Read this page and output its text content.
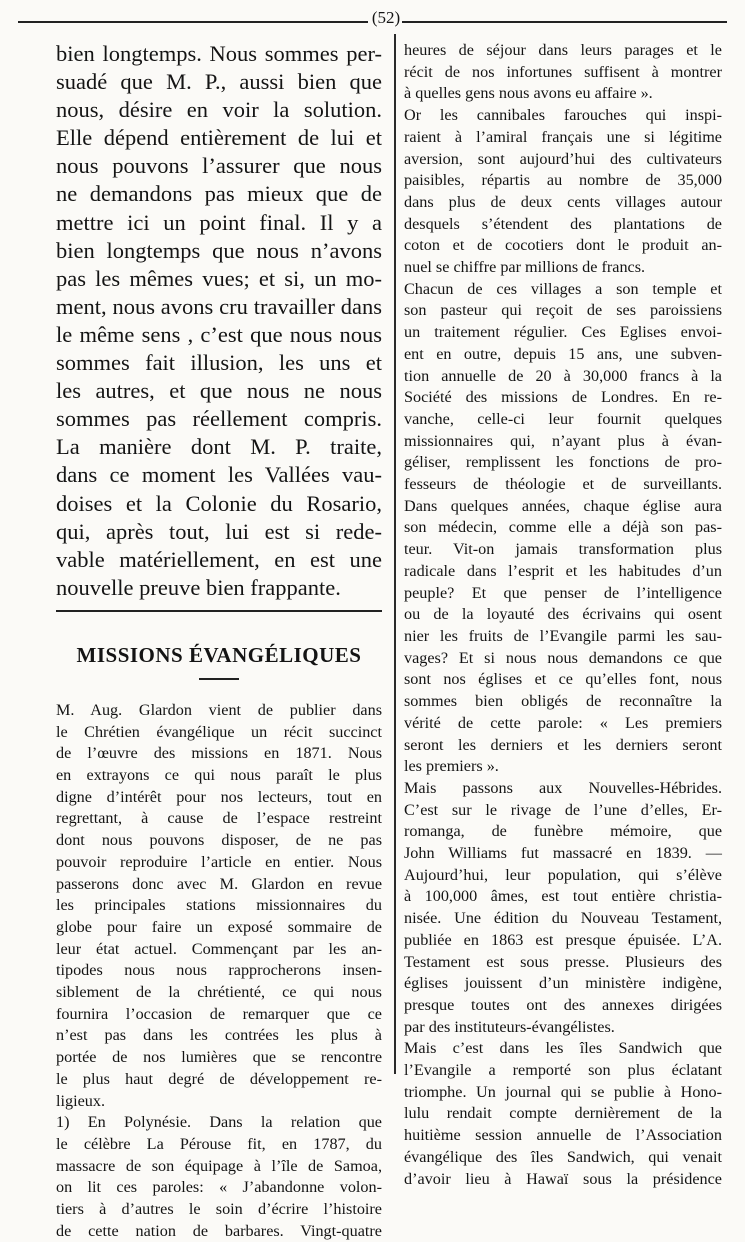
(52)

bien longtemps. Nous sommes per-
suadé que M. P., aussi bien que
nous, désire en voir la solution.
Elle dépend entièrement de lui et
nous pouvons l’assurer que nous
ne demandons pas mieux que de
mettre ici un point final. Il y a
bien longtemps que nous n’avons
pas les mêmes vues; et si, un mo-
ment, nous avons cru travailler dans
le même sens , c’est que nous nous
sommes fait illusion, les uns et
les autres, et que nous ne nous
sommes pas réellement compris.
La manière dont M. P. traite,
dans ce moment les Vallées vau-
doises et la Colonie du Rosario,
qui, après tout, lui est si rede-
vable matériellement, en est une
nouvelle preuve bien frappante.

MISSIONS ÉVANGÉLIQUES
M. Aug. Glardon vient de publier dans
le Chrétien évangélique un récit succinct
de l’œuvre des missions en 1871. Nous
en extrayons ce qui nous paraît le plus
digne d’intérêt pour nos lecteurs, tout en
regrettant, à cause de l’espace restreint
dont nous pouvons disposer, de ne pas
pouvoir reproduire l’article en entier. Nous
passerons donc avec M. Glardon en revue
les principales stations missionnaires du
globe pour faire un exposé sommaire de
leur état actuel. Commençant par les an-
tipodes nous nous rapprocherons insen-
siblement de la chrétienté, ce qui nous
fournira l’occasion de remarquer que ce
n’est pas dans les contrées les plus à
portée de nos lumières que se rencontre
le plus haut degré de développement re-
ligieux.
1) En Polynésie. Dans la relation que
le célèbre La Pérouse fit, en 1787, du
massacre de son équipage à l’île de Samoa,
on lit ces paroles: « J’abandonne volon-
tiers à d’autres le soin d’écrire l’histoire
de cette nation de barbares. Vingt-quatre
heures de séjour dans leurs parages et le
récit de nos infortunes suffisent à montrer
à quelles gens nous avons eu affaire ».
Or les cannibales farouches qui inspi-
raient à l’amiral français une si légitime
aversion, sont aujourd’hui des cultivateurs
paisibles, répartis au nombre de 35,000
dans plus de deux cents villages autour
desquels s’étendent des plantations de
coton et de cocotiers dont le produit an-
nuel se chiffre par millions de francs.
Chacun de ces villages a son temple et
son pasteur qui reçoit de ses paroissiens
un traitement régulier. Ces Eglises envoi-
ent en outre, depuis 15 ans, une subven-
tion annuelle de 20 à 30,000 francs à la
Société des missions de Londres. En re-
vanche, celle-ci leur fournit quelques
missionnaires qui, n’ayant plus à évan-
géliser, remplissent les fonctions de pro-
fesseurs de théologie et de surveillants.
Dans quelques années, chaque église aura
son médecin, comme elle a déjà son pas-
teur. Vit-on jamais transformation plus
radicale dans l’esprit et les habitudes d’un
peuple? Et que penser de l’intelligence
ou de la loyauté des écrivains qui osent
nier les fruits de l’Evangile parmi les sau-
vages? Et si nous nous demandons ce que
sont nos églises et ce qu’elles font, nous
sommes bien obligés de reconnaître la
vérité de cette parole: « Les premiers
seront les derniers et les derniers seront
les premiers ».
Mais passons aux Nouvelles-Hébrides.
C’est sur le rivage de l’une d’elles, Er-
romanga, de funèbre mémoire, que
John Williams fut massacré en 1839. —
Aujourd’hui, leur population, qui s’élève
à 100,000 âmes, est tout entière christia-
nisée. Une édition du Nouveau Testament,
publiée en 1863 est presque épuisée. L’A.
Testament est sous presse. Plusieurs des
églises jouissent d’un ministère indigène,
presque toutes ont des annexes dirigées
par des instituteurs-évangélistes.
Mais c’est dans les îles Sandwich que
l’Evangile a remporté son plus éclatant
triomphe. Un journal qui se publie à Hono-
lulu rendait compte dernièrement de la
huitième session annuelle de l’Association
évangélique des îles Sandwich, qui venait
d’avoir lieu à Hawaï sous la présidence
